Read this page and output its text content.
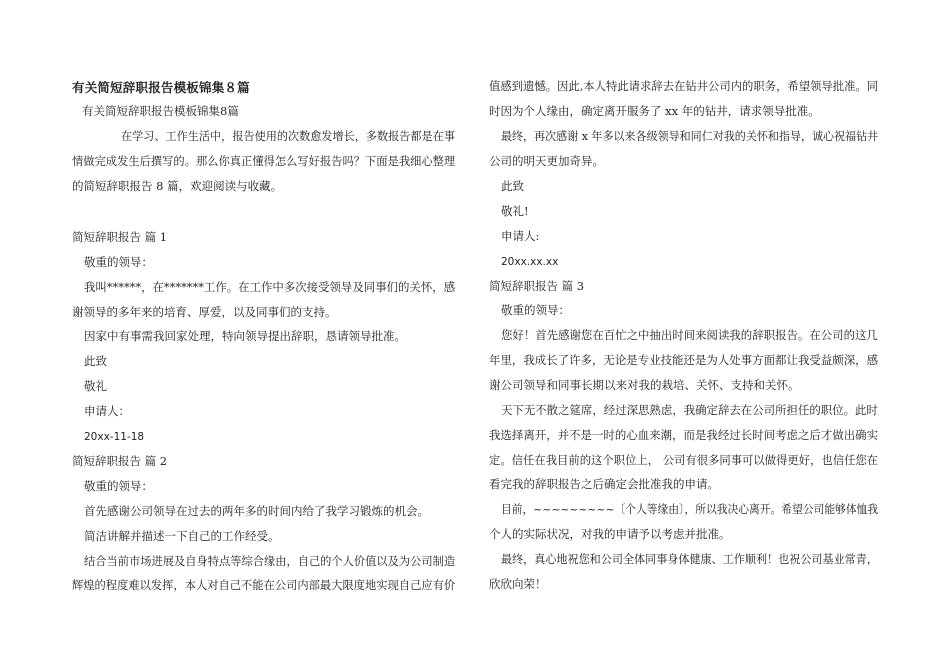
有关简短辞职报告模板锦集８篇

有关简短辞职报告模板锦集8篇

在学习、工作生活中，报告使用的次数愈发增长，多数报告都是在事

情做完成发生后撰写的。那么你真正懂得怎么写好报告吗？下面是我细心整理

的简短辞职报告 8 篇，欢迎阅读与收藏。

简短辞职报告 篇 1

敬重的领导：

我叫******，在*******工作。在工作中多次接受领导及同事们的关怀，感

谢领导的多年来的培育、厚爱，以及同事们的支持。

因家中有事需我回家处理，特向领导提出辞职，恳请领导批准。

此致

敬礼

申请人：

20xx-11-18

简短辞职报告 篇 2

敬重的领导：

首先感谢公司领导在过去的两年多的时间内给了我学习锻炼的机会。

简洁讲解并描述一下自己的工作经受。

结合当前市场进展及自身特点等综合缘由，自己的个人价值以及为公司制造

辉煌的程度难以发挥，本人对自己不能在公司内部最大限度地实现自己应有价

值感到遗憾。因此,本人特此请求辞去在钻井公司内的职务，希望领导批准。同

时因为个人缘由，确定离开服务了 xx 年的钻井，请求领导批准。

最终，再次感谢 x 年多以来各级领导和同仁对我的关怀和指导，诚心祝福钻井

公司的明天更加奇异。

此致

敬礼!

申请人:

20xx.xx.xx

简短辞职报告 篇 3

敬重的领导：

您好！首先感谢您在百忙之中抽出时间来阅读我的辞职报告。在公司的这几

年里，我成长了许多，无论是专业技能还是为人处事方面都让我受益颇深，感

谢公司领导和同事长期以来对我的栽培、关怀、支持和关怀。

天下无不散之筵席，经过深思熟虑，我确定辞去在公司所担任的职位。此时

我选择离开，并不是一时的心血来潮，而是我经过长时间考虑之后才做出确实

定。信任在我目前的这个职位上， 公司有很多同事可以做得更好，也信任您在

看完我的辞职报告之后确定会批准我的申请。

目前，~~~~~~~~~〔个人等缘由〕，所以我决心离开。希望公司能够体恤我

个人的实际状况，对我的申请予以考虑并批准。

最终，真心地祝您和公司全体同事身体健康、工作顺利！也祝公司基业常青，

欣欣向荣！
